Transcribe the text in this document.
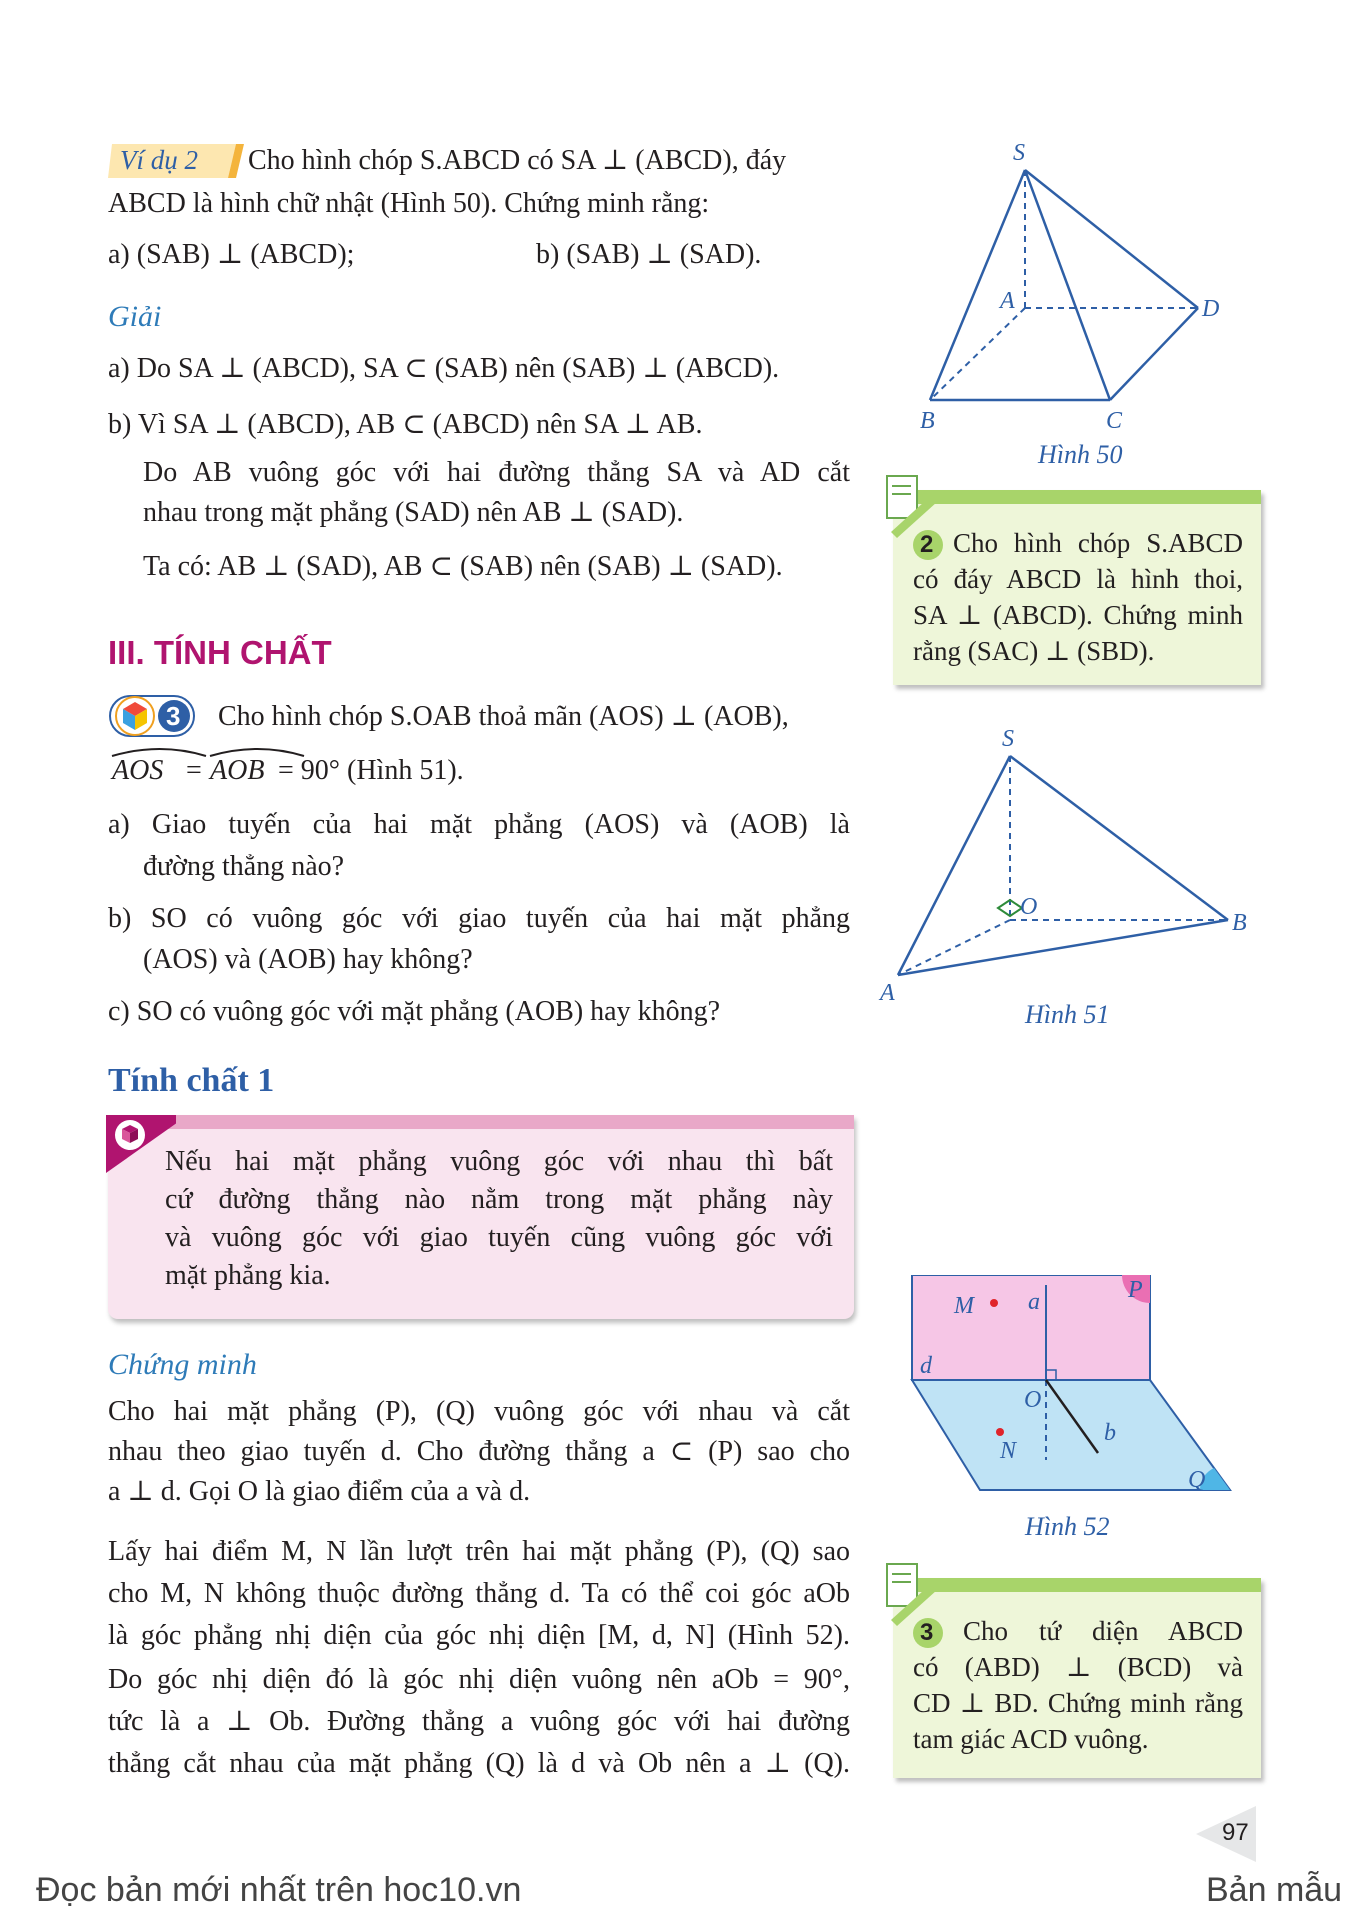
Ví dụ 2 Cho hình chóp S.ABCD có SA ⊥ (ABCD), đáy
ABCD là hình chữ nhật (Hình 50). Chứng minh rằng:
a) (SAB) ⊥ (ABCD);	b) (SAB) ⊥ (SAD).
Giải
a) Do SA ⊥ (ABCD), SA ⊂ (SAB) nên (SAB) ⊥ (ABCD).
b) Vì SA ⊥ (ABCD), AB ⊂ (ABCD) nên SA ⊥ AB.
Do AB vuông góc với hai đường thẳng SA và AD cắt
nhau trong mặt phẳng (SAD) nên AB ⊥ (SAD).
Ta có: AB ⊥ (SAD), AB ⊂ (SAB) nên (SAB) ⊥ (SAD).
III. TÍNH CHẤT
3 Cho hình chóp S.OAB thoả mãn (AOS) ⊥ (AOB),
AOS = AOB = 90° (Hình 51).
a) Giao tuyến của hai mặt phẳng (AOS) và (AOB) là
đường thẳng nào?
b) SO có vuông góc với giao tuyến của hai mặt phẳng
(AOS) và (AOB) hay không?
c) SO có vuông góc với mặt phẳng (AOB) hay không?
Tính chất 1
Nếu hai mặt phẳng vuông góc với nhau thì bất
cứ đường thẳng nào nằm trong mặt phẳng này
và vuông góc với giao tuyến cũng vuông góc với
mặt phẳng kia.
Chứng minh
Cho hai mặt phẳng (P), (Q) vuông góc với nhau và cắt
nhau theo giao tuyến d. Cho đường thẳng a ⊂ (P) sao cho
a ⊥ d. Gọi O là giao điểm của a và d.
Lấy hai điểm M, N lần lượt trên hai mặt phẳng (P), (Q) sao
cho M, N không thuộc đường thẳng d. Ta có thể coi góc aOb
là góc phẳng nhị diện của góc nhị diện [M, d, N] (Hình 52).
Do góc nhị diện đó là góc nhị diện vuông nên aOb = 90°,
tức là a ⊥ Ob. Đường thẳng a vuông góc với hai đường
thẳng cắt nhau của mặt phẳng (Q) là d và Ob nên a ⊥ (Q).
S
A
B	C
D
Hình 50
2 Cho hình chóp S.ABCD
có đáy ABCD là hình thoi,
SA ⊥ (ABCD). Chứng minh
rằng (SAC) ⊥ (SBD).
S
O
A
B
Hình 51
M a	P
d
O
N
b
Q
Hình 52
3 Cho tứ diện ABCD
có (ABD) ⊥ (BCD) và
CD ⊥ BD. Chứng minh rằng
tam giác ACD vuông.
97
Đọc bản mới nhất trên hoc10.vn	Bản mẫu
